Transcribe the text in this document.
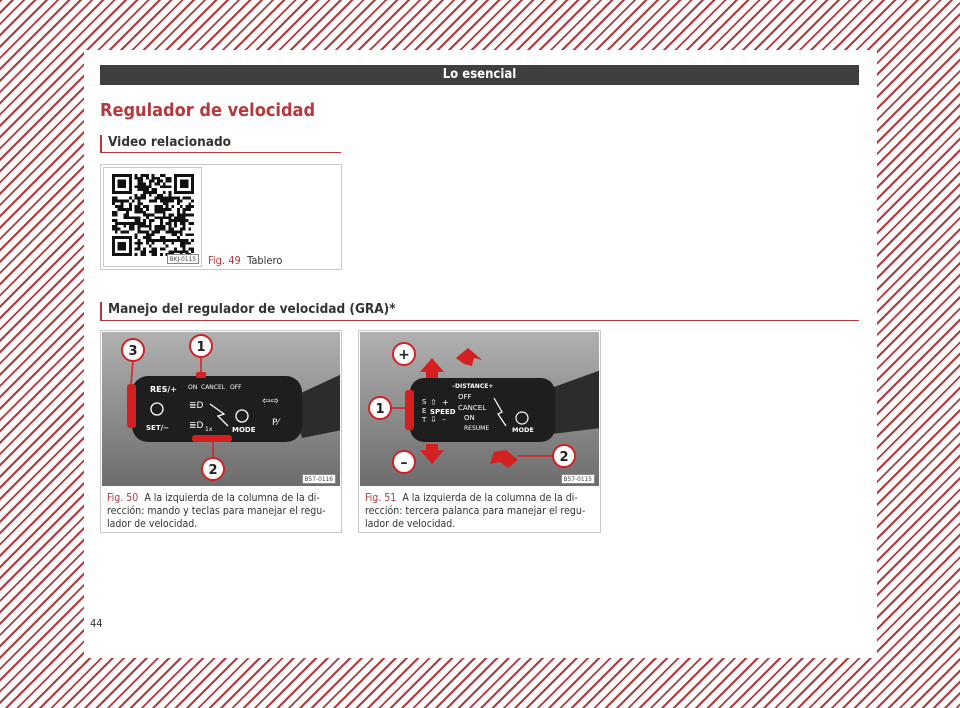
Lo esencial
Regulador de velocidad
Video relacionado
BKJ-0115 Fig. 49 Tablero
Manejo del regulador de velocidad (GRA)*
RES/+ ON CANCEL OFF
SET/−
≣D
≣D 1x	MODE
⇦⇨
P⁄
3	1
2
B57-0116
Fig. 50 A la izquierda de la columna de la di-rección: mando y teclas para manejar el regu-lador de velocidad.
–DISTANCE+
S
E
T
⇧ +
⇩ –
SPEED
OFF
CANCEL
ON
RESUME	MODE
+
–
1
2
B57-0115
Fig. 51 A la izquierda de la columna de la di-rección: tercera palanca para manejar el regu-lador de velocidad.
44
